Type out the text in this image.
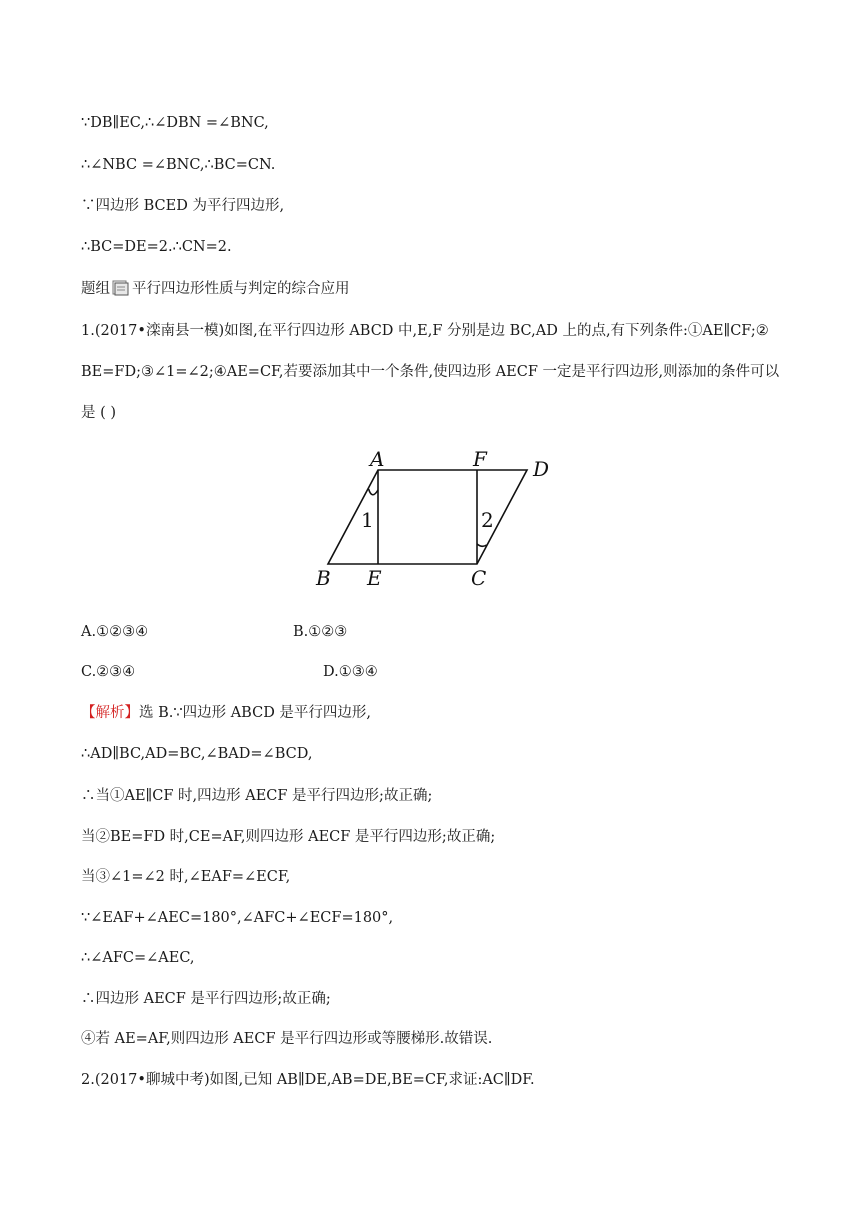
∵DB∥EC,∴∠DBN =∠BNC,
∴∠NBC =∠BNC,∴BC=CN.
∵四边形 BCED 为平行四边形,
∴BC=DE=2.∴CN=2.
题组 平行四边形性质与判定的综合应用
1.(2017•滦南县一模)如图,在平行四边形 ABCD 中,E,F 分别是边 BC,AD 上的点,有下列条件:①AE∥CF;②
BE=FD;③∠1=∠2;④AE=CF,若要添加其中一个条件,使四边形 AECF 一定是平行四边形,则添加的条件可以
是 ( )
A	F D
B E	C
1	2
A.①②③④	B.①②③
C.②③④	D.①③④
【解析】选 B.∵四边形 ABCD 是平行四边形,
∴AD∥BC,AD=BC,∠BAD=∠BCD,
∴当①AE∥CF 时,四边形 AECF 是平行四边形;故正确;
当②BE=FD 时,CE=AF,则四边形 AECF 是平行四边形;故正确;
当③∠1=∠2 时,∠EAF=∠ECF,
∵∠EAF+∠AEC=180°,∠AFC+∠ECF=180°,
∴∠AFC=∠AEC,
∴四边形 AECF 是平行四边形;故正确;
④若 AE=AF,则四边形 AECF 是平行四边形或等腰梯形.故错误.
2.(2017•聊城中考)如图,已知 AB∥DE,AB=DE,BE=CF,求证:AC∥DF.
